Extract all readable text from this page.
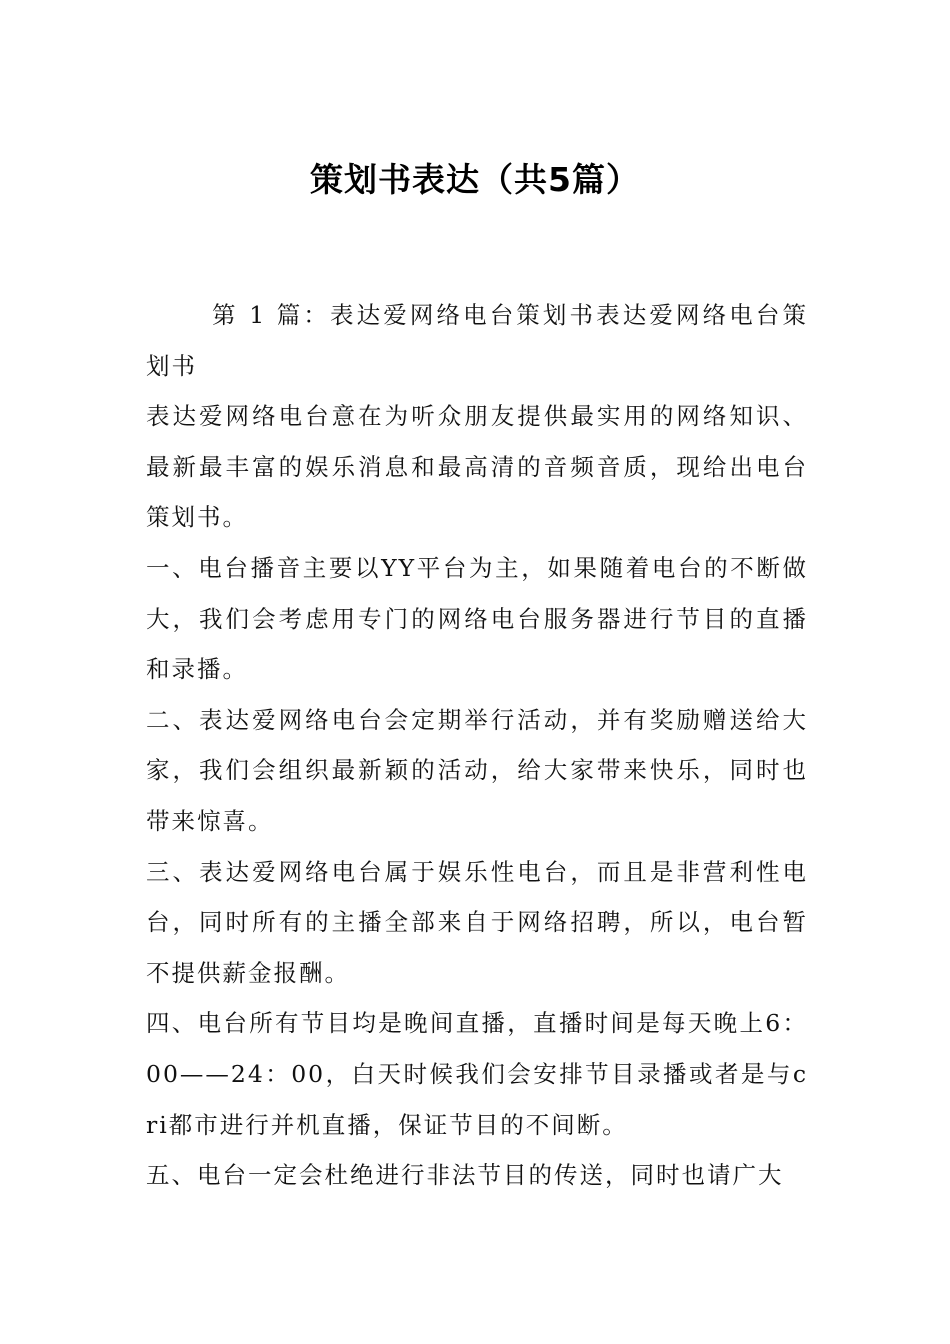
策划书表达（共5篇）

第 1 篇：表达爱网络电台策划书表达爱网络电台策划书

表达爱网络电台意在为听众朋友提供最实用的网络知识、最新最丰富的娱乐消息和最高清的音频音质，现给出电台策划书。

一、电台播音主要以YY平台为主，如果随着电台的不断做大，我们会考虑用专门的网络电台服务器进行节目的直播和录播。

二、表达爱网络电台会定期举行活动，并有奖励赠送给大家，我们会组织最新颖的活动，给大家带来快乐，同时也带来惊喜。

三、表达爱网络电台属于娱乐性电台，而且是非营利性电台，同时所有的主播全部来自于网络招聘，所以，电台暂不提供薪金报酬。

四、电台所有节目均是晚间直播，直播时间是每天晚上6：00——24：00，白天时候我们会安排节目录播或者是与cri都市进行并机直播，保证节目的不间断。

五、电台一定会杜绝进行非法节目的传送，同时也请广大
